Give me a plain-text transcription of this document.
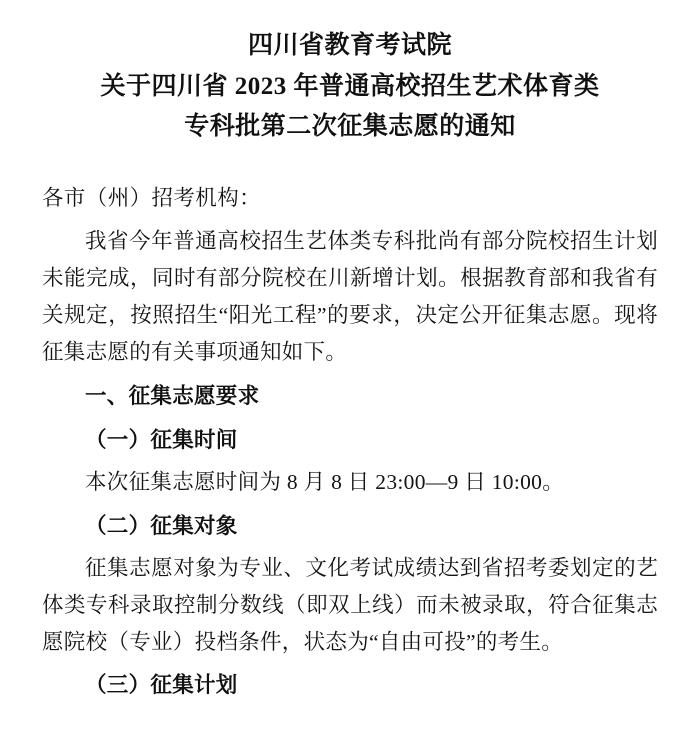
四川省教育考试院
关于四川省 2023 年普通高校招生艺术体育类
专科批第二次征集志愿的通知

各市（州）招考机构：

我省今年普通高校招生艺体类专科批尚有部分院校招生计划未能完成，同时有部分院校在川新增计划。根据教育部和我省有关规定，按照招生“阳光工程”的要求，决定公开征集志愿。现将征集志愿的有关事项通知如下。

一、征集志愿要求

（一）征集时间

本次征集志愿时间为 8 月 8 日 23:00—9 日 10:00。

（二）征集对象

征集志愿对象为专业、文化考试成绩达到省招考委划定的艺体类专科录取控制分数线（即双上线）而未被录取，符合征集志愿院校（专业）投档条件，状态为“自由可投”的考生。

（三）征集计划
